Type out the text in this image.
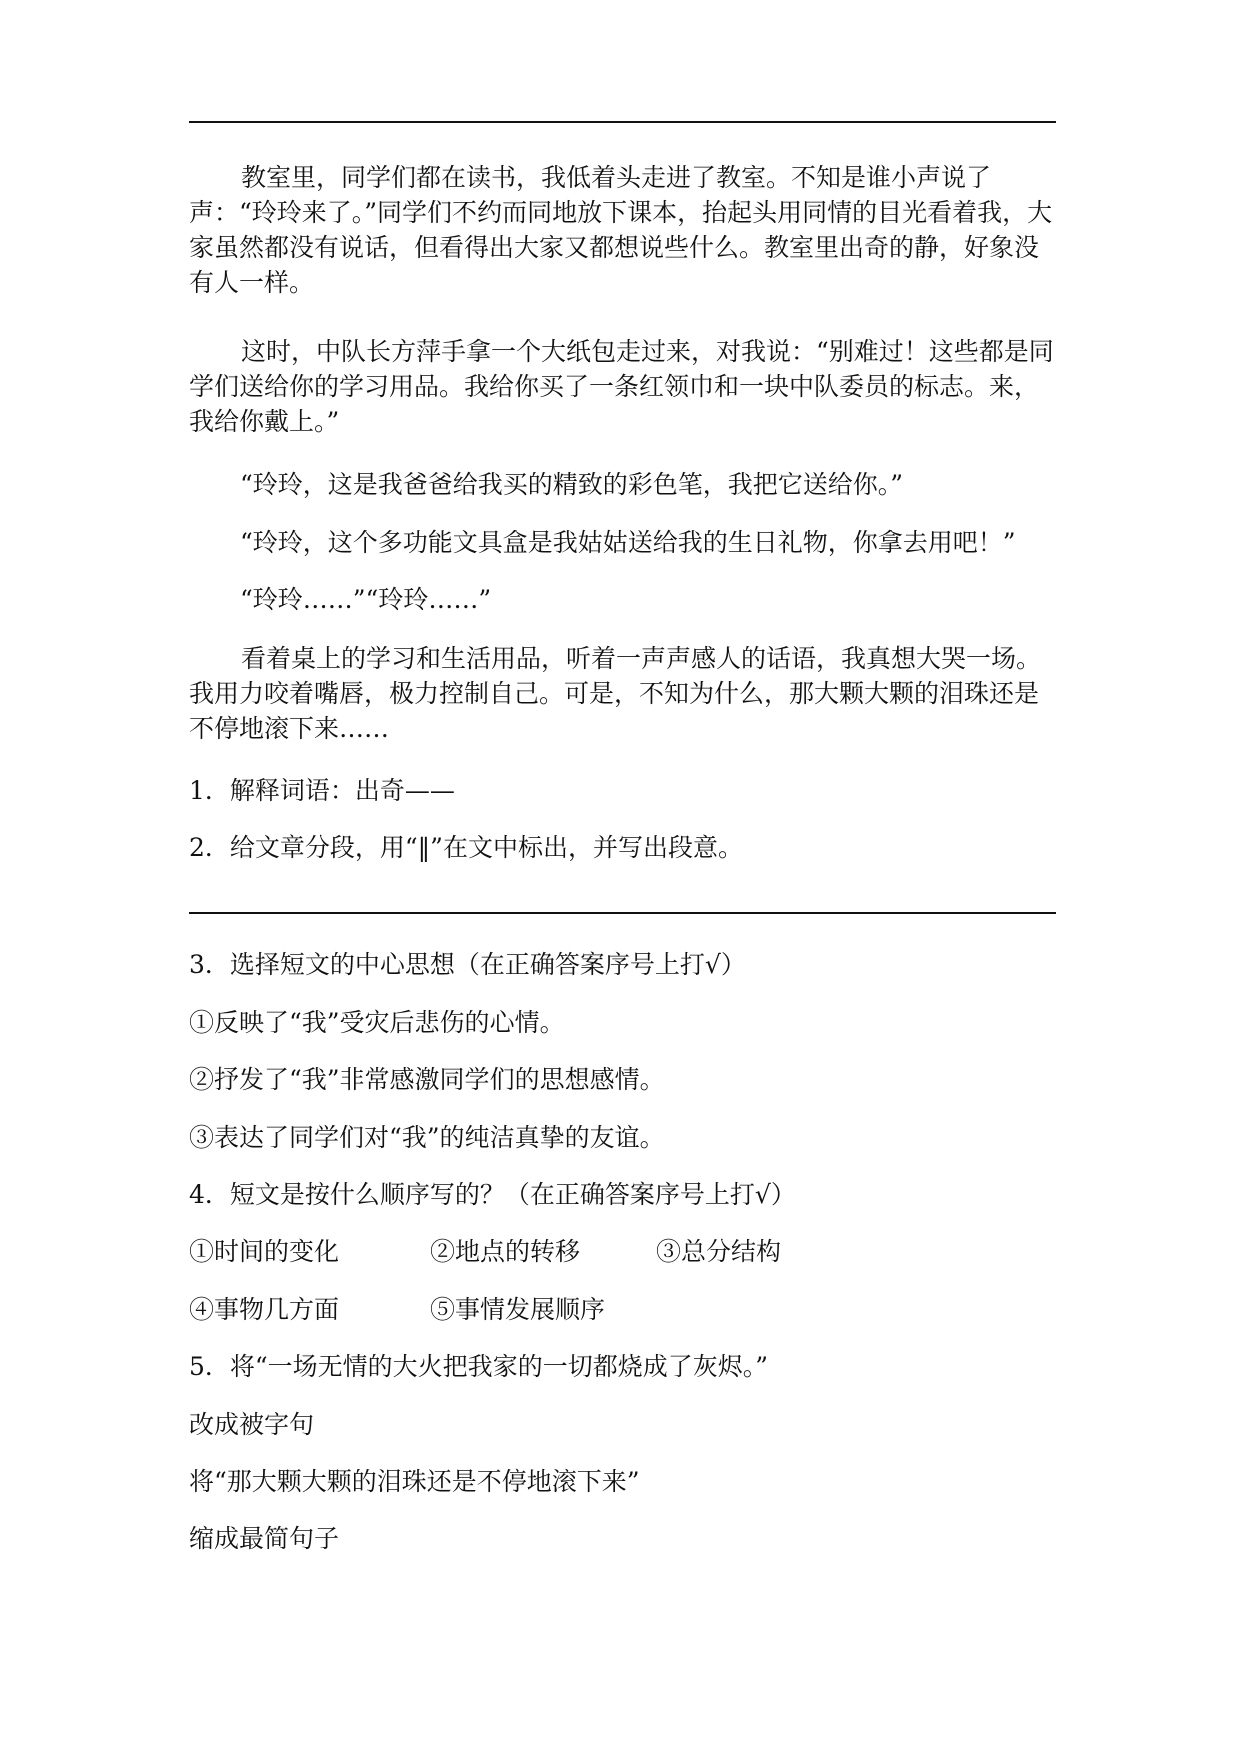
教室里，同学们都在读书，我低着头走进了教室。不知是谁小声说了声：“玲玲来了。”同学们不约而同地放下课本，抬起头用同情的目光看着我，大家虽然都没有说话，但看得出大家又都想说些什么。教室里出奇的静，好象没有人一样。

这时，中队长方萍手拿一个大纸包走过来，对我说：“别难过！这些都是同学们送给你的学习用品。我给你买了一条红领巾和一块中队委员的标志。来，我给你戴上。”

“玲玲，这是我爸爸给我买的精致的彩色笔，我把它送给你。”

“玲玲，这个多功能文具盒是我姑姑送给我的生日礼物，你拿去用吧！”

“玲玲……”“玲玲……”

看着桌上的学习和生活用品，听着一声声感人的话语，我真想大哭一场。我用力咬着嘴唇，极力控制自己。可是，不知为什么，那大颗大颗的泪珠还是不停地滚下来……

1．解释词语：出奇——

2．给文章分段，用“‖”在文中标出，并写出段意。

3．选择短文的中心思想（在正确答案序号上打√）

①反映了“我”受灾后悲伤的心情。

②抒发了“我”非常感激同学们的思想感情。

③表达了同学们对“我”的纯洁真挚的友谊。

4．短文是按什么顺序写的？（在正确答案序号上打√）

①时间的变化	②地点的转移	③总分结构
④事物几方面	⑤事情发展顺序

5．将“一场无情的大火把我家的一切都烧成了灰烬。”

改成被字句

将“那大颗大颗的泪珠还是不停地滚下来”

缩成最简句子
